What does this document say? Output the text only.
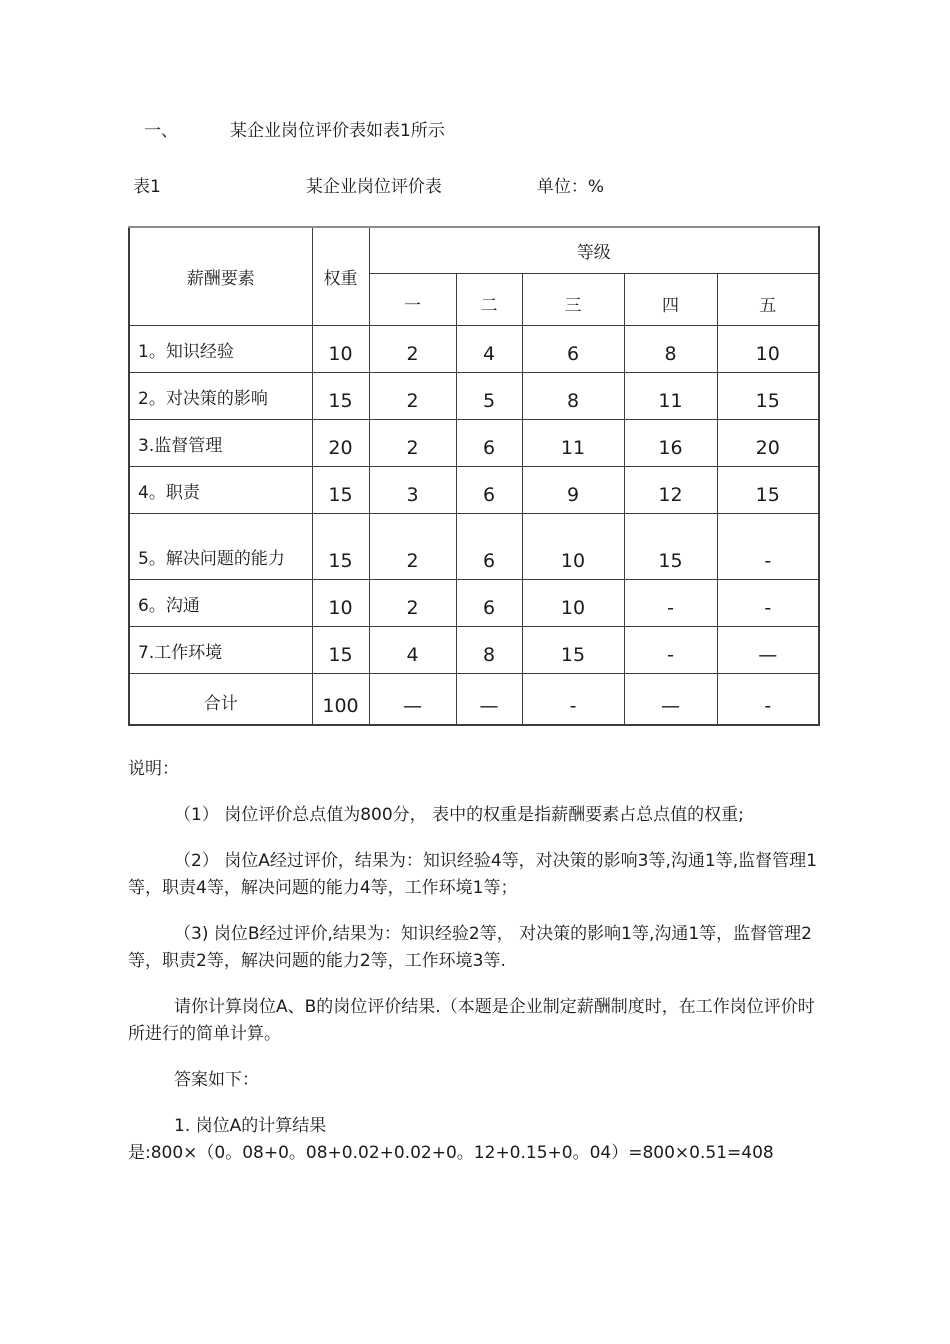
一、	某企业岗位评价表如表1所示
表1	某企业岗位评价表	单位：%
薪酬要素	权重	等级				
		一	二	三	四	五
1。知识经验	10	2	4	6	8	10
2。对决策的影响	15	2	5	8	11	15
3.监督管理	20	2	6	11	16	20
4。职责	15	3	6	9	12	15
5。解决问题的能力	15	2	6	10	15	-
6。沟通	10	2	6	10	-	-
7.工作环境	15	4	8	15	-	—
合计	100	—	—	-	—	-
说明：
（1） 岗位评价总点值为800分， 表中的权重是指薪酬要素占总点值的权重;
（2） 岗位A经过评价，结果为：知识经验4等，对决策的影响3等,沟通1等,监督管理1等，职责4等，解决问题的能力4等，工作环境1等；
（3) 岗位B经过评价,结果为：知识经验2等， 对决策的影响1等,沟通1等，监督管理2等，职责2等，解决问题的能力2等，工作环境3等.
请你计算岗位A、B的岗位评价结果.（本题是企业制定薪酬制度时，在工作岗位评价时所进行的简单计算。
答案如下：
1. 岗位A的计算结果
是:800×（0。08+0。08+0.02+0.02+0。12+0.15+0。04）=800×0.51=408
